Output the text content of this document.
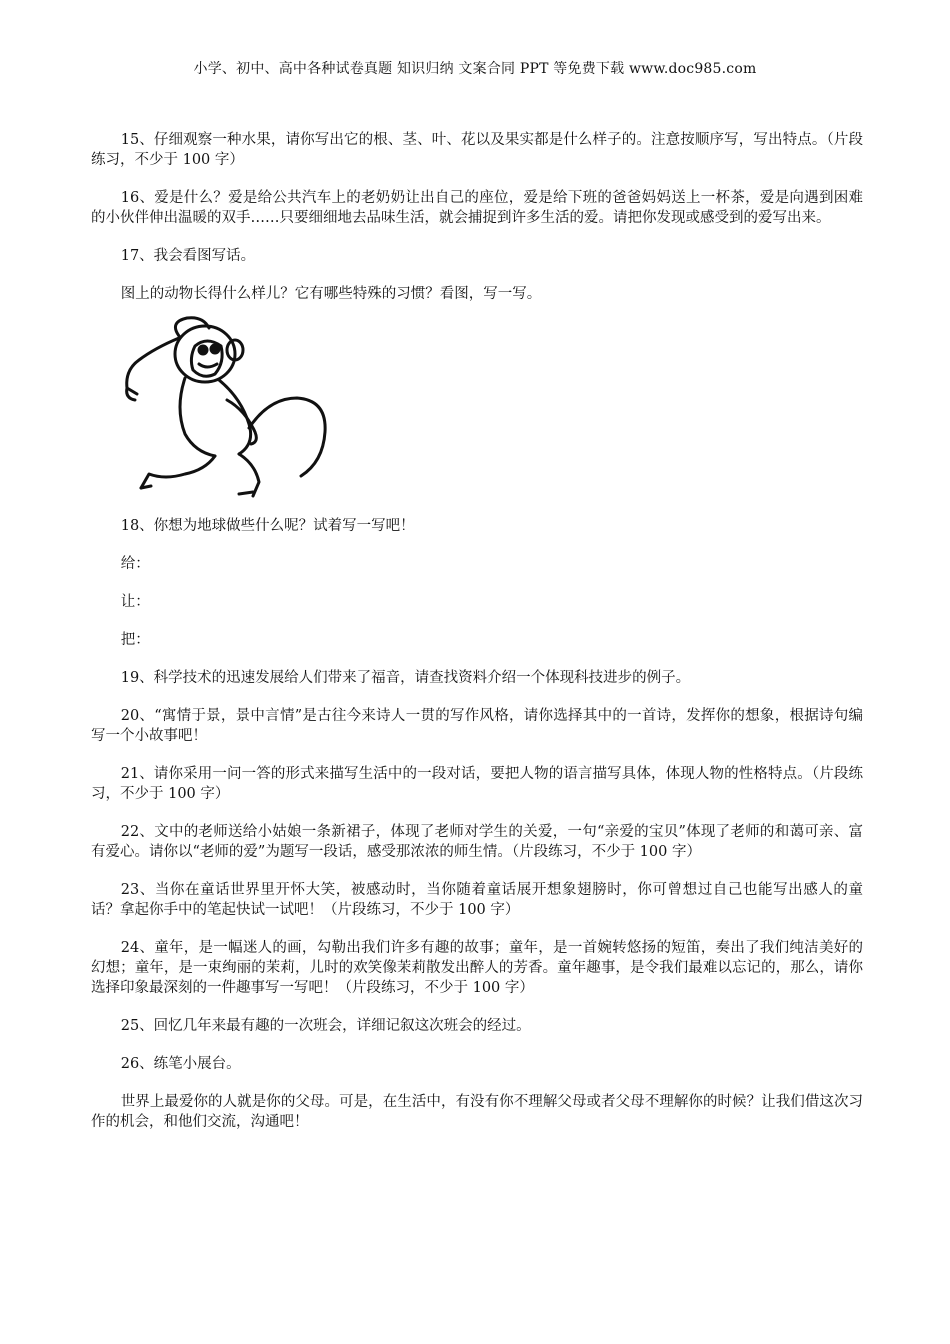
小学、初中、高中各种试卷真题 知识归纳 文案合同 PPT 等免费下载 www.doc985.com

15、仔细观察一种水果，请你写出它的根、茎、叶、花以及果实都是什么样子的。注意按顺序写，写出特点。（片段练习，不少于 100 字）

16、爱是什么？爱是给公共汽车上的老奶奶让出自己的座位，爱是给下班的爸爸妈妈送上一杯茶，爱是向遇到困难的小伙伴伸出温暖的双手……只要细细地去品味生活，就会捕捉到许多生活的爱。请把你发现或感受到的爱写出来。

17、我会看图写话。

图上的动物长得什么样儿？它有哪些特殊的习惯？看图，写一写。

18、你想为地球做些什么呢？试着写一写吧！

给：

让：

把：

19、科学技术的迅速发展给人们带来了福音，请查找资料介绍一个体现科技进步的例子。

20、“寓情于景，景中言情”是古往今来诗人一贯的写作风格，请你选择其中的一首诗，发挥你的想象，根据诗句编写一个小故事吧！

21、请你采用一问一答的形式来描写生活中的一段对话，要把人物的语言描写具体，体现人物的性格特点。（片段练习，不少于 100 字）

22、文中的老师送给小姑娘一条新裙子，体现了老师对学生的关爱，一句“亲爱的宝贝”体现了老师的和蔼可亲、富有爱心。请你以“老师的爱”为题写一段话，感受那浓浓的师生情。（片段练习，不少于 100 字）

23、当你在童话世界里开怀大笑，被感动时，当你随着童话展开想象翅膀时，你可曾想过自己也能写出感人的童话？拿起你手中的笔起快试一试吧！（片段练习，不少于 100 字）

24、童年，是一幅迷人的画，勾勒出我们许多有趣的故事；童年，是一首婉转悠扬的短笛，奏出了我们纯洁美好的幻想；童年，是一束绚丽的茉莉，儿时的欢笑像茉莉散发出醉人的芳香。童年趣事，是令我们最难以忘记的，那么，请你选择印象最深刻的一件趣事写一写吧！（片段练习，不少于 100 字）

25、回忆几年来最有趣的一次班会，详细记叙这次班会的经过。

26、练笔小展台。

世界上最爱你的人就是你的父母。可是，在生活中，有没有你不理解父母或者父母不理解你的时候？让我们借这次习作的机会，和他们交流，沟通吧！
